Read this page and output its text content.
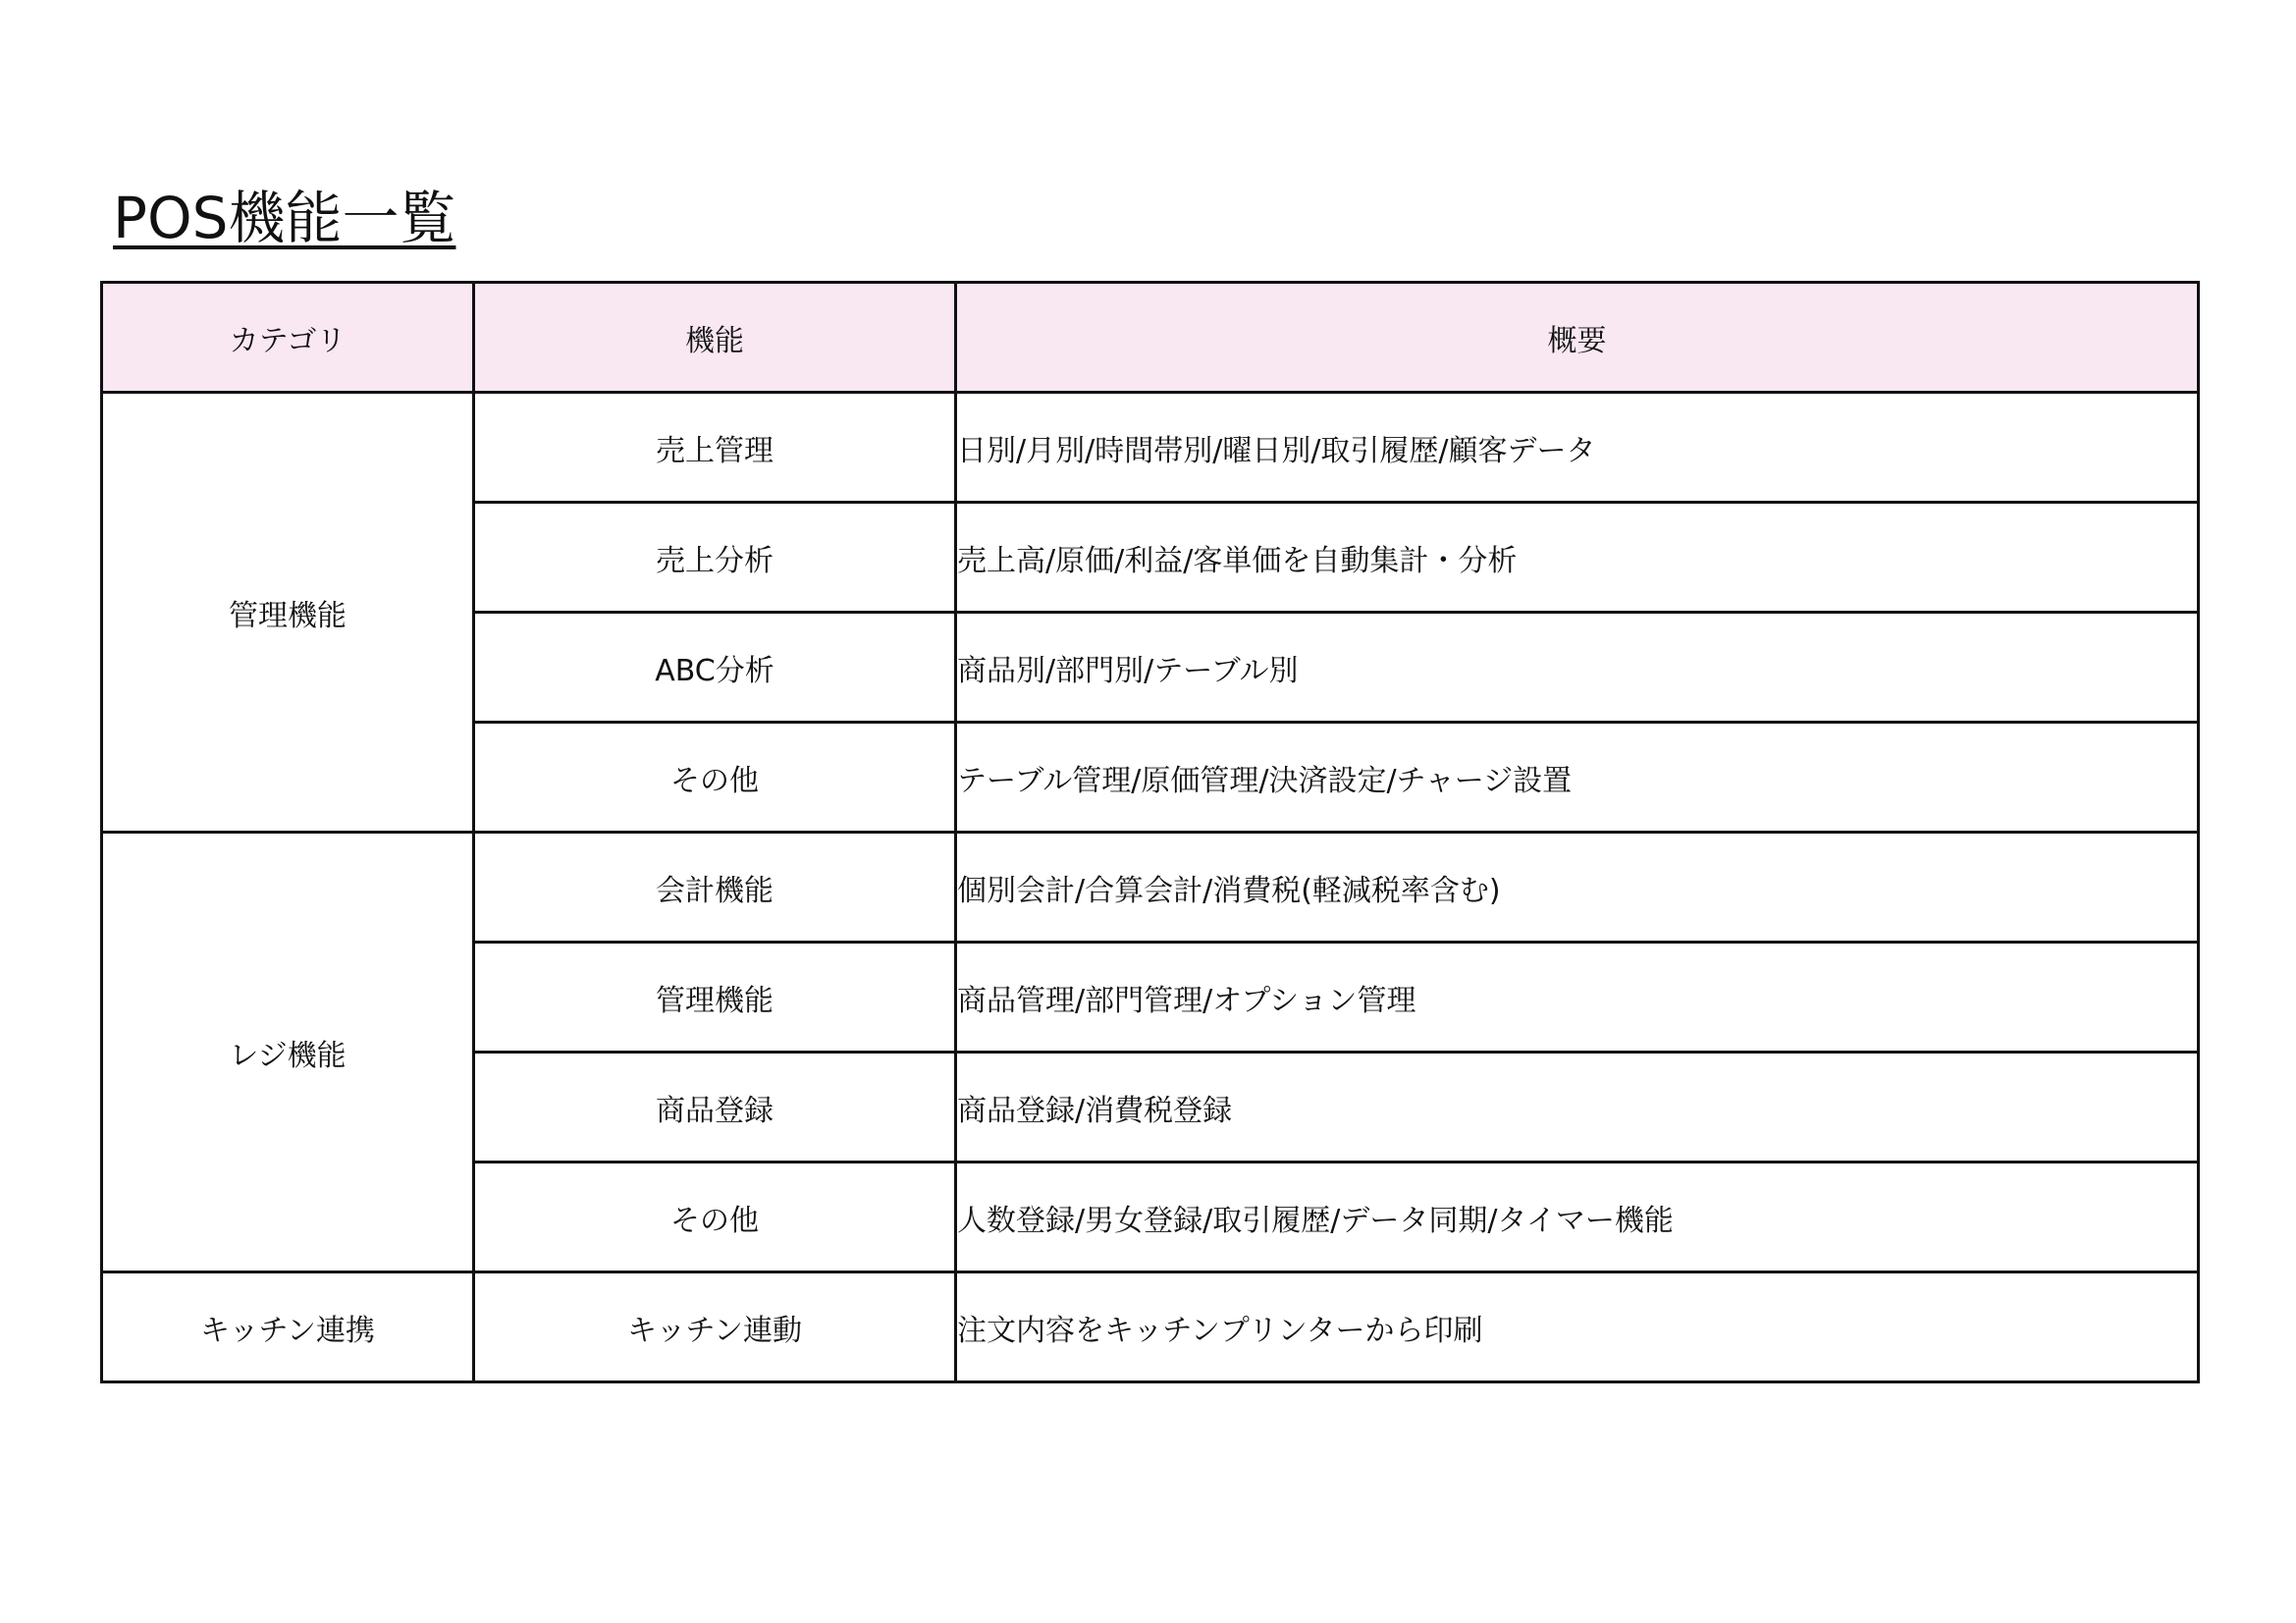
POS機能一覧
カテゴリ	機能	概要
管理機能	売上管理	日別/月別/時間帯別/曜日別/取引履歴/顧客データ
	売上分析	売上高/原価/利益/客単価を自動集計・分析
	ABC分析	商品別/部門別/テーブル別
	その他	テーブル管理/原価管理/決済設定/チャージ設置
レジ機能	会計機能	個別会計/合算会計/消費税(軽減税率含む)
	管理機能	商品管理/部門管理/オプション管理
	商品登録	商品登録/消費税登録
	その他	人数登録/男女登録/取引履歴/データ同期/タイマー機能
キッチン連携	キッチン連動	注文内容をキッチンプリンターから印刷
